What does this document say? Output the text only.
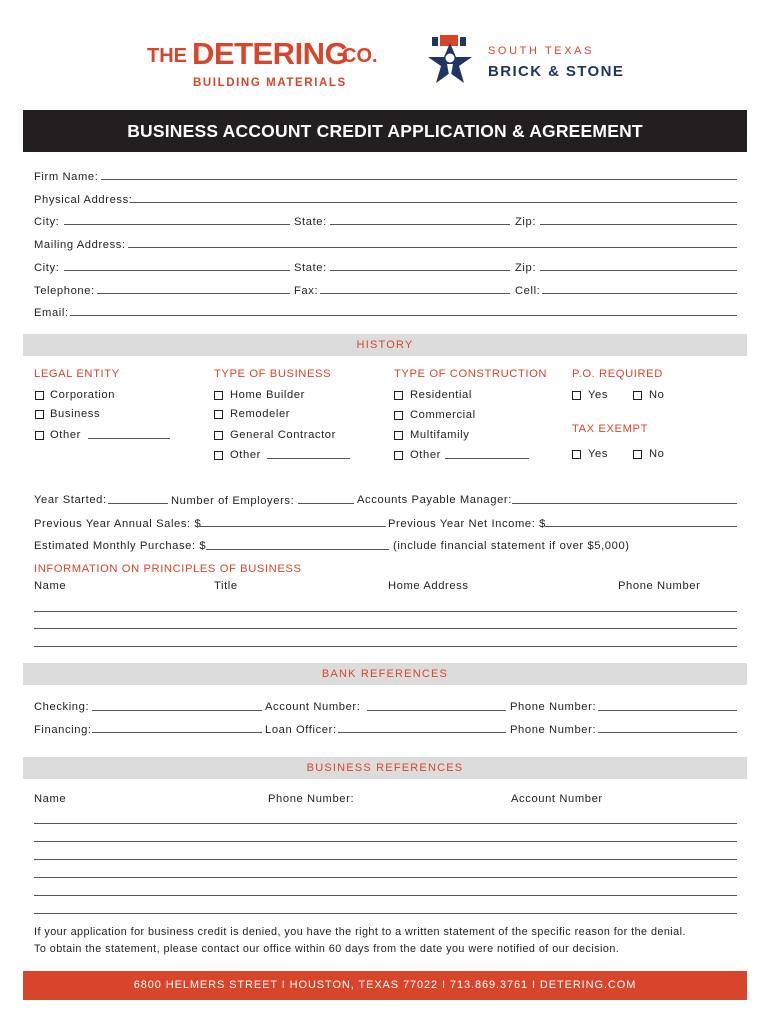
THE DETERING
CO.
BUILDING MATERIALS
SOUTH TEXAS
BRICK & STONE
BUSINESS ACCOUNT CREDIT APPLICATION & AGREEMENT
Firm Name:
Physical Address:
City:	State:	Zip:
Mailing Address:
City:	State:	Zip:
Telephone:	Fax:	Cell:
Email:
HISTORY
LEGAL ENTITY
Corporation
Business
Other
TYPE OF BUSINESS
Home Builder
Remodeler
General Contractor
Other
TYPE OF CONSTRUCTION
Residential
Commercial
Multifamily
Other
P.O. REQUIRED
Yes	No
TAX EXEMPT
Yes	No
Year Started:	Number of Employers:	Accounts Payable Manager:
Previous Year Annual Sales: $	Previous Year Net Income: $
Estimated Monthly Purchase: $	(include financial statement if over $5,000)
INFORMATION ON PRINCIPLES OF BUSINESS
Name	Title	Home Address	Phone Number
BANK REFERENCES
Checking:	Account Number:	Phone Number:
Financing:	Loan Officer:	Phone Number:
BUSINESS REFERENCES
Name	Phone Number:	Account Number
If your application for business credit is denied, you have the right to a written statement of the specific reason for the denial.
To obtain the statement, please contact our office within 60 days from the date you were notified of our decision.
6800 HELMERS STREET I HOUSTON, TEXAS 77022 I 713.869.3761 I DETERING.COM
